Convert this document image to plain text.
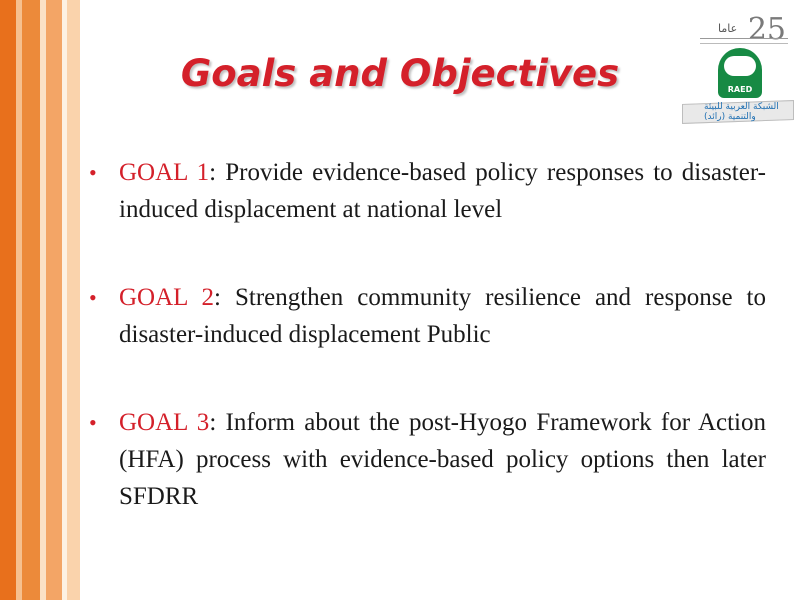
Goals and Objectives
25
عاما
RAED
الشبكة العربية للبيئة والتنمية (رائد)
• GOAL 1: Provide evidence-based policy responses to disaster-induced displacement at national level
• GOAL 2: Strengthen community resilience and response to disaster-induced displacement Public
• GOAL 3: Inform about the post-Hyogo Framework for Action (HFA) process with evidence-based policy options then later SFDRR
